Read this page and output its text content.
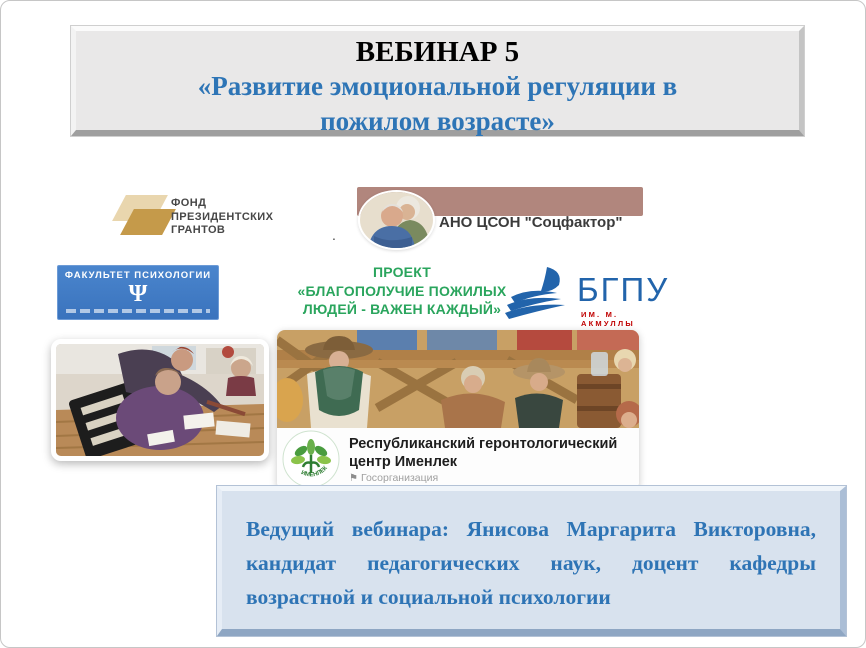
ВЕБИНАР 5
«Развитие эмоциональной регуляции в
пожилом возрасте»
ФОНД
ПРЕЗИДЕНТСКИХ
ГРАНТОВ	АНО ЦСОН "Соцфактор"
.
ФАКУЛЬТЕТ ПСИХОЛОГИИ
Ψ
ПРОЕКТ
«БЛАГОПОЛУЧИЕ ПОЖИЛЫХ
ЛЮДЕЙ - ВАЖЕН КАЖДЫЙ»
БГПУ
ИМ. М. АКМУЛЛЫ
ИМЕНЛЕК
Республиканский геронтологический
центр Именлек
⚑ Госорганизация
Ведущий вебинара: Янисова Маргарита Викторовна,
кандидат педагогических наук, доцент кафедры
возрастной и социальной психологии
